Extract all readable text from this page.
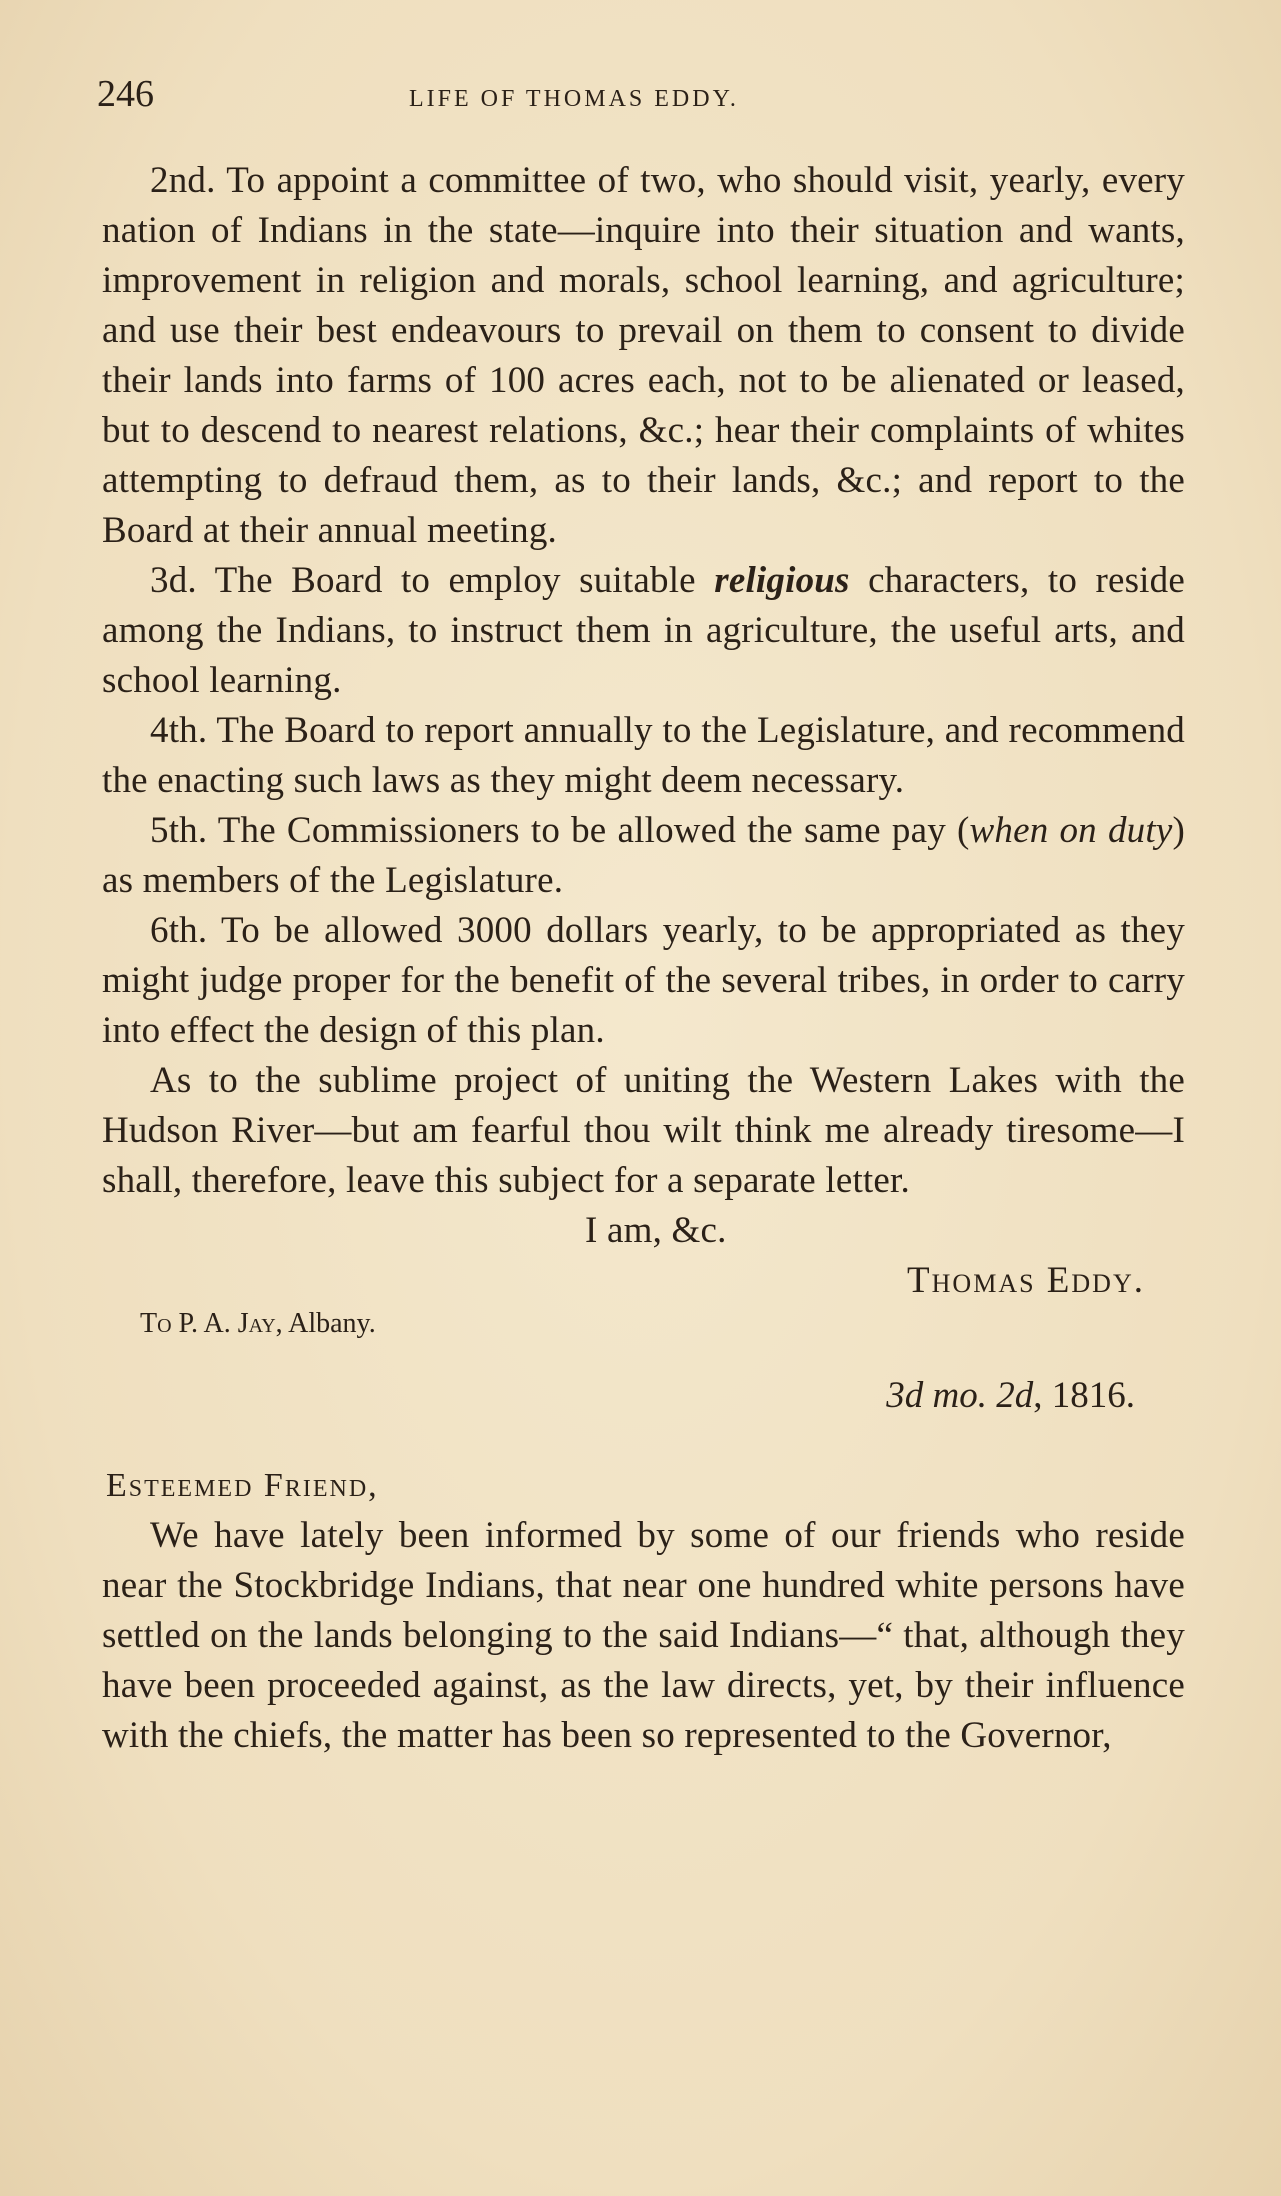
246	LIFE OF THOMAS EDDY.

2nd. To appoint a committee of two, who should visit, yearly, every nation of Indians in the state—inquire into their situation and wants, improvement in religion and morals, school learning, and agriculture; and use their best endeavours to prevail on them to consent to divide their lands into farms of 100 acres each, not to be alienated or leased, but to descend to nearest relations, &c.; hear their complaints of whites attempting to defraud them, as to their lands, &c.; and report to the Board at their annual meeting.

3d. The Board to employ suitable religious characters, to reside among the Indians, to instruct them in agriculture, the useful arts, and school learning.

4th. The Board to report annually to the Legislature, and recommend the enacting such laws as they might deem necessary.

5th. The Commissioners to be allowed the same pay (when on duty) as members of the Legislature.

6th. To be allowed 3000 dollars yearly, to be appropriated as they might judge proper for the benefit of the several tribes, in order to carry into effect the design of this plan.

As to the sublime project of uniting the Western Lakes with the Hudson River—but am fearful thou wilt think me already tiresome—I shall, therefore, leave this subject for a separate letter.

I am, &c.

Thomas Eddy.

To P. A. Jay, Albany.

3d mo. 2d, 1816.

Esteemed Friend,

We have lately been informed by some of our friends who reside near the Stockbridge Indians, that near one hundred white persons have settled on the lands belonging to the said Indians—“ that, although they have been proceeded against, as the law directs, yet, by their influence with the chiefs, the matter has been so represented to the Governor,
